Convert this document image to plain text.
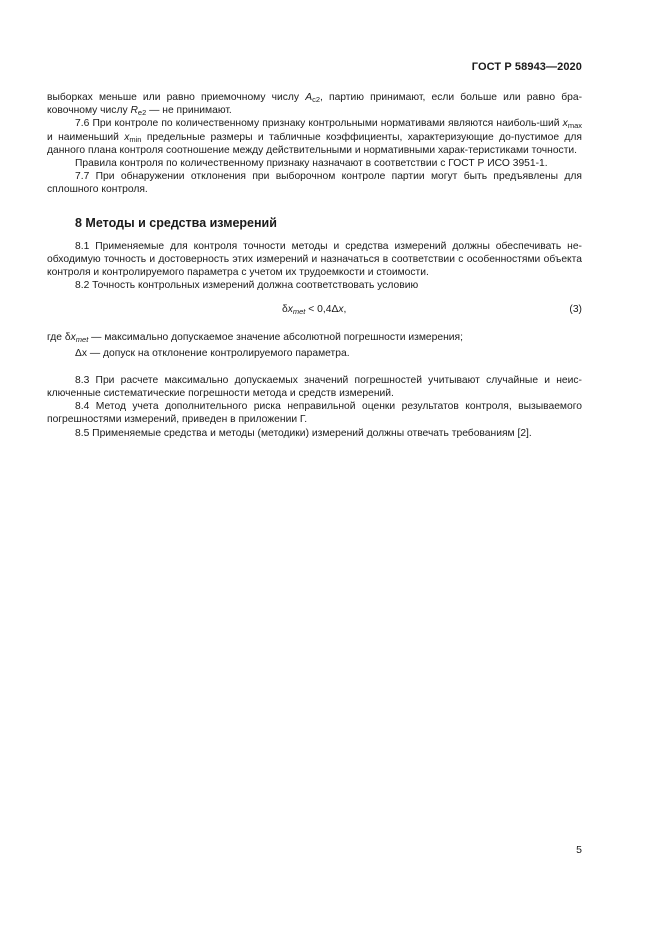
ГОСТ Р 58943—2020

выборках меньше или равно приемочному числу $A_{c2}$, партию принимают, если больше или равно бра-ковочному числу $R_{e2}$ — не принимают.

7.6 При контроле по количественному признаку контрольными нормативами являются наиболь-ший $x_{max}$ и наименьший $x_{min}$ предельные размеры и табличные коэффициенты, характеризующие до-пустимое для данного плана контроля соотношение между действительными и нормативными харак-теристиками точности.

Правила контроля по количественному признаку назначают в соответствии с ГОСТ Р ИСО 3951-1.

7.7 При обнаружении отклонения при выборочном контроле партии могут быть предъявлены для сплошного контроля.

8 Методы и средства измерений

8.1 Применяемые для контроля точности методы и средства измерений должны обеспечивать не-обходимую точность и достоверность этих измерений и назначаться в соответствии с особенностями объекта контроля и контролируемого параметра с учетом их трудоемкости и стоимости.

8.2 Точность контрольных измерений должна соответствовать условию

$\delta x_{met} < 0,4\Delta x$,	(3)

где $\delta x_{met}$ — максимально допускаемое значение абсолютной погрешности измерения;

Δx — допуск на отклонение контролируемого параметра.

8.3 При расчете максимально допускаемых значений погрешностей учитывают случайные и неис-ключенные систематические погрешности метода и средств измерений.

8.4 Метод учета дополнительного риска неправильной оценки результатов контроля, вызываемого погрешностями измерений, приведен в приложении Г.

8.5 Применяемые средства и методы (методики) измерений должны отвечать требованиям [2].

5
